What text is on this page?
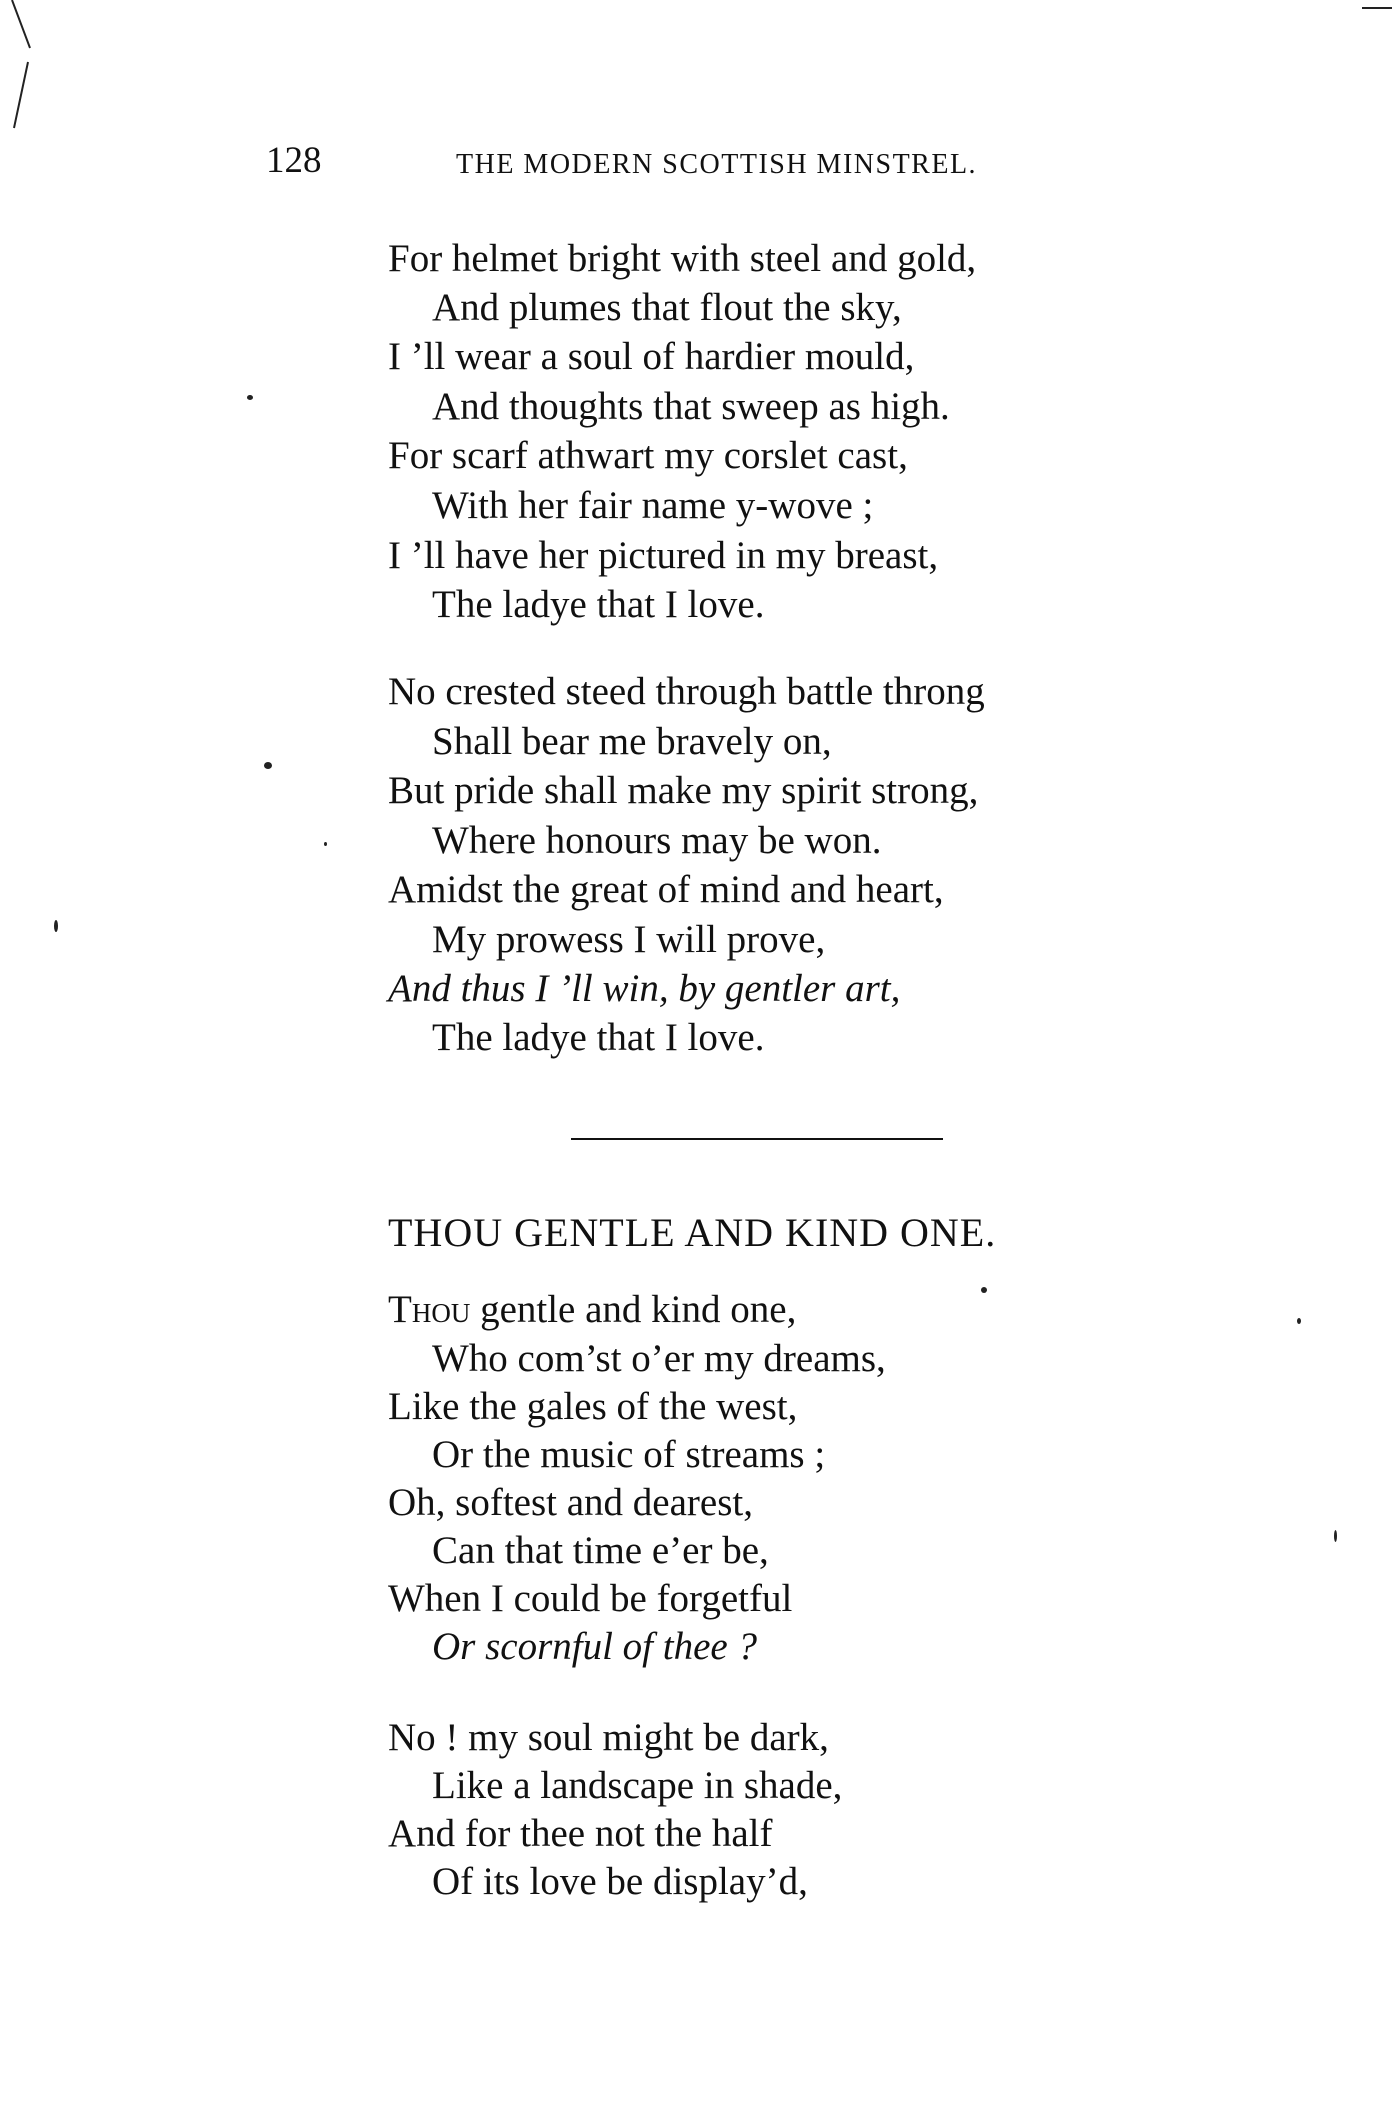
128	THE MODERN SCOTTISH MINSTREL.
For helmet bright with steel and gold,
And plumes that flout the sky,
I ’ll wear a soul of hardier mould,
And thoughts that sweep as high.
For scarf athwart my corslet cast,
With her fair name y-wove ;
I ’ll have her pictured in my breast,
The ladye that I love.
No crested steed through battle throng
Shall bear me bravely on,
But pride shall make my spirit strong,
Where honours may be won.
Amidst the great of mind and heart,
My prowess I will prove,
And thus I ’ll win, by gentler art,
The ladye that I love.
THOU GENTLE AND KIND ONE.
Thou gentle and kind one,
Who com’st o’er my dreams,
Like the gales of the west,
Or the music of streams ;
Oh, softest and dearest,
Can that time e’er be,
When I could be forgetful
Or scornful of thee ?
No ! my soul might be dark,
Like a landscape in shade,
And for thee not the half
Of its love be display’d,
